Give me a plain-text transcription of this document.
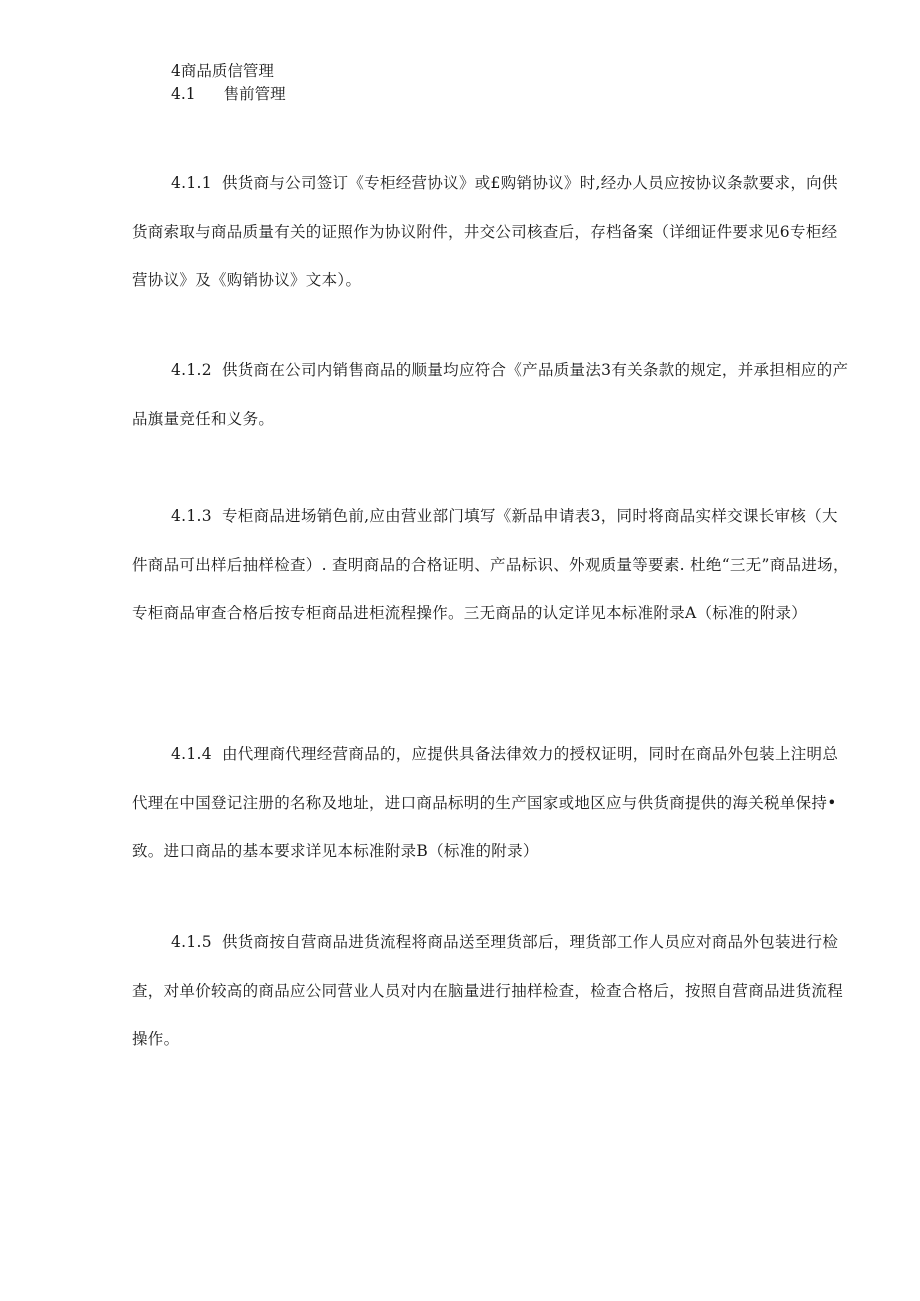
4商品质信管理
4.1 售前管理
4.1.1 供货商与公司签订《专柜经营协议》或£购销协议》时,经办人员应按协议条款要求，向供货商索取与商品质量有关的证照作为协议附件，井交公司核查后，存档备案（详细证件要求见6专柜经营协议》及《购销协议》文本）。
4.1.2 供货商在公司内销售商品的顺量均应符合《产品质量法3有关条款的规定，并承担相应的产品旗量竞任和义务。
4.1.3 专柜商品进场销色前,应由营业部门填写《新品申请表3，同时将商品实样交课长审核（大件商品可出样后抽样检查）. 查明商品的合格证明、产品标识、外观质量等要素. 杜绝“三无”商品进场，专柜商品审查合格后按专柜商品进柜流程操作。三无商品的认定详见本标准附录A（标准的附录）
4.1.4 由代理商代理经营商品的，应提供具备法律效力的授权证明，同时在商品外包装上注明总代理在中国登记注册的名称及地址，进口商品标明的生产国家或地区应与供货商提供的海关税单保持•致。进口商品的基本要求详见本标准附录B（标准的附录）
4.1.5 供货商按自营商品进货流程将商品送至理货部后，理货部工作人员应对商品外包装进行检查，对单价较高的商品应公同营业人员对内在脑量进行抽样检查，检查合格后，按照自营商品进货流程操作。
